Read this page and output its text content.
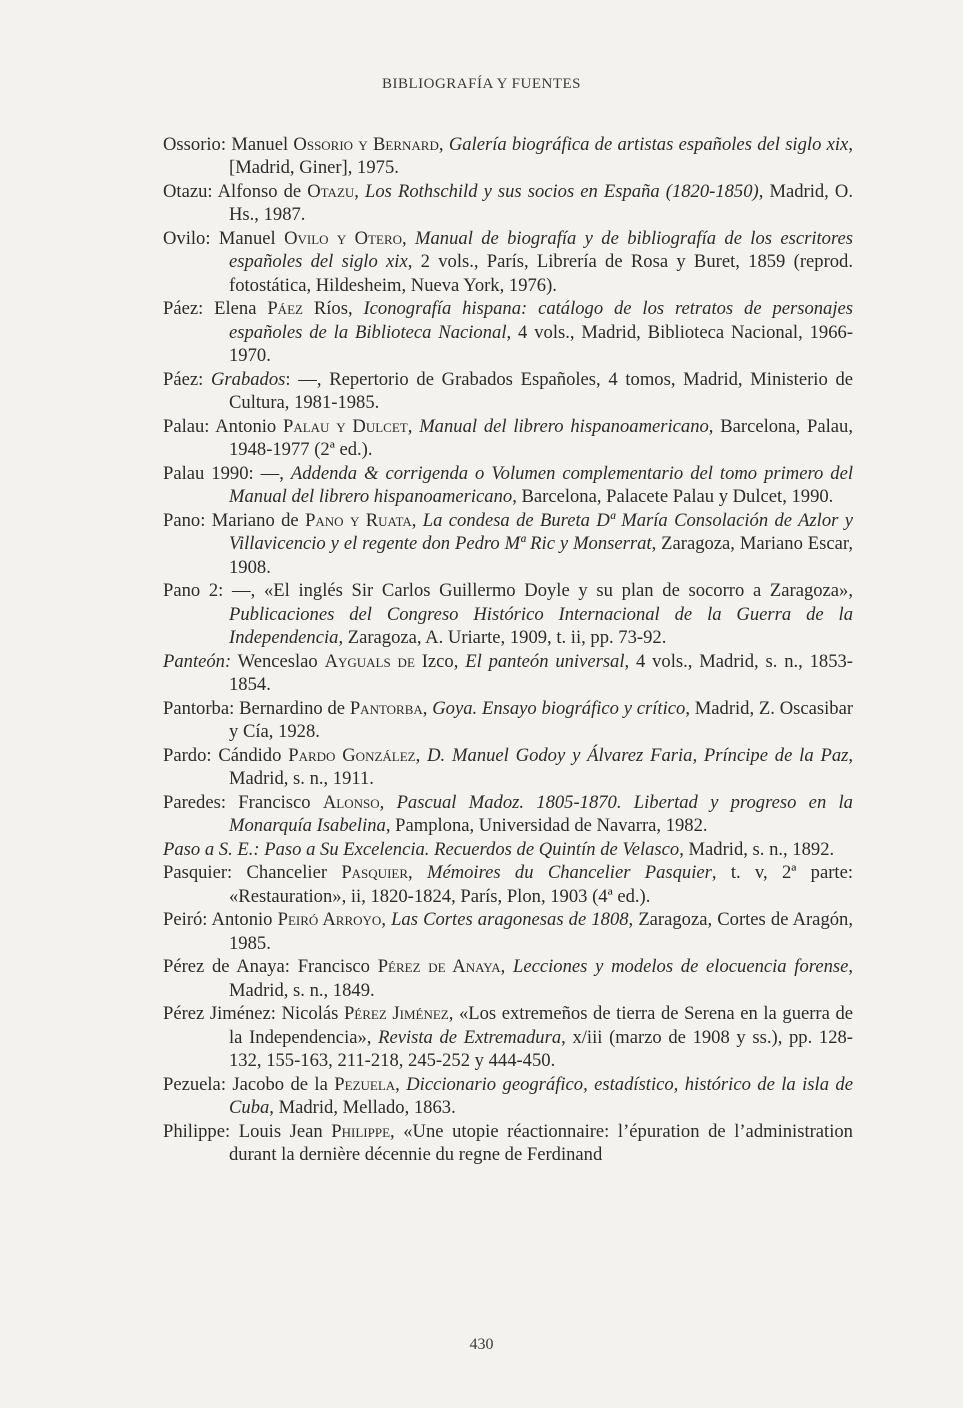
BIBLIOGRAFÍA Y FUENTES
Ossorio: Manuel Ossorio y Bernard, Galería biográfica de artistas españoles del siglo xix, [Madrid, Giner], 1975.
Otazu: Alfonso de Otazu, Los Rothschild y sus socios en España (1820-1850), Madrid, O. Hs., 1987.
Ovilo: Manuel Ovilo y Otero, Manual de biografía y de bibliografía de los escritores españoles del siglo xix, 2 vols., París, Librería de Rosa y Buret, 1859 (reprod. fotostática, Hildesheim, Nueva York, 1976).
Páez: Elena Páez Ríos, Iconografía hispana: catálogo de los retratos de personajes españoles de la Biblioteca Nacional, 4 vols., Madrid, Biblioteca Nacional, 1966-1970.
Páez: Grabados: —, Repertorio de Grabados Españoles, 4 tomos, Madrid, Ministerio de Cultura, 1981-1985.
Palau: Antonio Palau y Dulcet, Manual del librero hispanoamericano, Barcelona, Palau, 1948-1977 (2ª ed.).
Palau 1990: —, Addenda & corrigenda o Volumen complementario del tomo primero del Manual del librero hispanoamericano, Barcelona, Palacete Palau y Dulcet, 1990.
Pano: Mariano de Pano y Ruata, La condesa de Bureta Dª María Consolación de Azlor y Villavicencio y el regente don Pedro Mª Ric y Monserrat, Zaragoza, Mariano Escar, 1908.
Pano 2: —, «El inglés Sir Carlos Guillermo Doyle y su plan de socorro a Zaragoza», Publicaciones del Congreso Histórico Internacional de la Guerra de la Independencia, Zaragoza, A. Uriarte, 1909, t. ii, pp. 73-92.
Panteón: Wenceslao Ayguals de Izco, El panteón universal, 4 vols., Madrid, s. n., 1853-1854.
Pantorba: Bernardino de Pantorba, Goya. Ensayo biográfico y crítico, Madrid, Z. Oscasibar y Cía, 1928.
Pardo: Cándido Pardo González, D. Manuel Godoy y Álvarez Faria, Príncipe de la Paz, Madrid, s. n., 1911.
Paredes: Francisco Alonso, Pascual Madoz. 1805-1870. Libertad y progreso en la Monarquía Isabelina, Pamplona, Universidad de Navarra, 1982.
Paso a S. E.: Paso a Su Excelencia. Recuerdos de Quintín de Velasco, Madrid, s. n., 1892.
Pasquier: Chancelier Pasquier, Mémoires du Chancelier Pasquier, t. v, 2ª parte: «Restauration», ii, 1820-1824, París, Plon, 1903 (4ª ed.).
Peiró: Antonio Peiró Arroyo, Las Cortes aragonesas de 1808, Zaragoza, Cortes de Aragón, 1985.
Pérez de Anaya: Francisco Pérez de Anaya, Lecciones y modelos de elocuencia forense, Madrid, s. n., 1849.
Pérez Jiménez: Nicolás Pérez Jiménez, «Los extremeños de tierra de Serena en la guerra de la Independencia», Revista de Extremadura, x/iii (marzo de 1908 y ss.), pp. 128-132, 155-163, 211-218, 245-252 y 444-450.
Pezuela: Jacobo de la Pezuela, Diccionario geográfico, estadístico, histórico de la isla de Cuba, Madrid, Mellado, 1863.
Philippe: Louis Jean Philippe, «Une utopie réactionnaire: l’épuration de l’administration durant la dernière décennie du regne de Ferdinand
430
